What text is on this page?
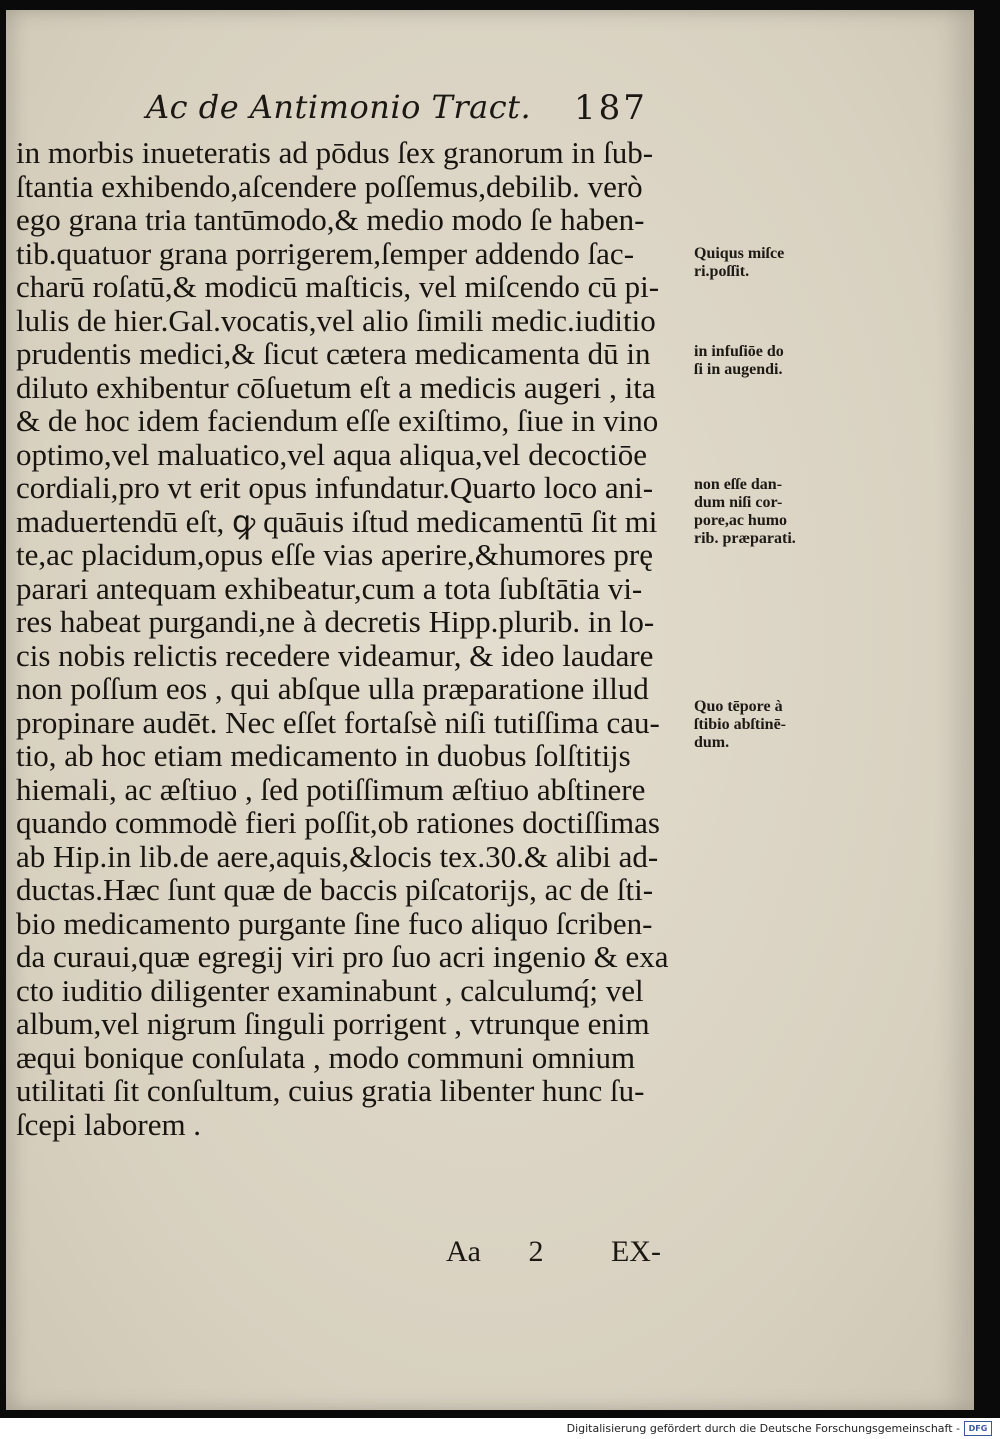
Ac de Antimonio Tract. 187
in morbis inueteratis ad pōdus ſex granorum in ſub-
ſtantia exhibendo,aſcendere poſſemus,debilib. verò
ego grana tria tantūmodo,& medio modo ſe haben-
tib.quatuor grana porrigerem,ſemper addendo ſac-
charū roſatū,& modicū maſticis, vel miſcendo cū pi-
lulis de hier.Gal.vocatis,vel alio ſimili medic.iuditio
prudentis medici,& ſicut cætera medicamenta dū in
diluto exhibentur cōſuetum eſt a medicis augeri , ita
& de hoc idem faciendum eſſe exiſtimo, ſiue in vino
optimo,vel maluatico,vel aqua aliqua,vel decoctiōe
cordiali,pro vt erit opus infundatur.Quarto loco ani-
maduertendū eſt, ꝙ quāuis iſtud medicamentū ſit mi
te,ac placidum,opus eſſe vias aperire,&humores prę
parari antequam exhibeatur,cum a tota ſubſtātia vi-
res habeat purgandi,ne à decretis Hipp.plurib. in lo-
cis nobis relictis recedere videamur, & ideo laudare
non poſſum eos , qui abſque ulla præparatione illud
propinare audēt. Nec eſſet fortaſsè niſi tutiſſima cau-
tio, ab hoc etiam medicamento in duobus ſolſtitijs
hiemali, ac æſtiuo , ſed potiſſimum æſtiuo abſtinere
quando commodè fieri poſſit,ob rationes doctiſſimas
ab Hip.in lib.de aere,aquis,&locis tex.30.& alibi ad-
ductas.Hæc ſunt quæ de baccis piſcatorijs, ac de ſti-
bio medicamento purgante ſine fuco aliquo ſcriben-
da curaui,quæ egregij viri pro ſuo acri ingenio & exa
cto iuditio diligenter examinabunt , calculumq́; vel
album,vel nigrum ſinguli porrigent , vtrunque enim
æqui bonique conſulata , modo communi omnium
utilitati ſit conſultum, cuius gratia libenter hunc ſu-
ſcepi laborem .
Quiqus miſce
ri.poſſit.
in infuſiōe do
ſi in augendi.
non eſſe dan-
dum niſi cor-
pore,ac humo
rib. præparati.
Quo tēpore à
ſtibio abſtinē-
dum.
Aa 2 EX-
Digitalisierung gefördert durch die Deutsche Forschungsgemeinschaft -	DFG
